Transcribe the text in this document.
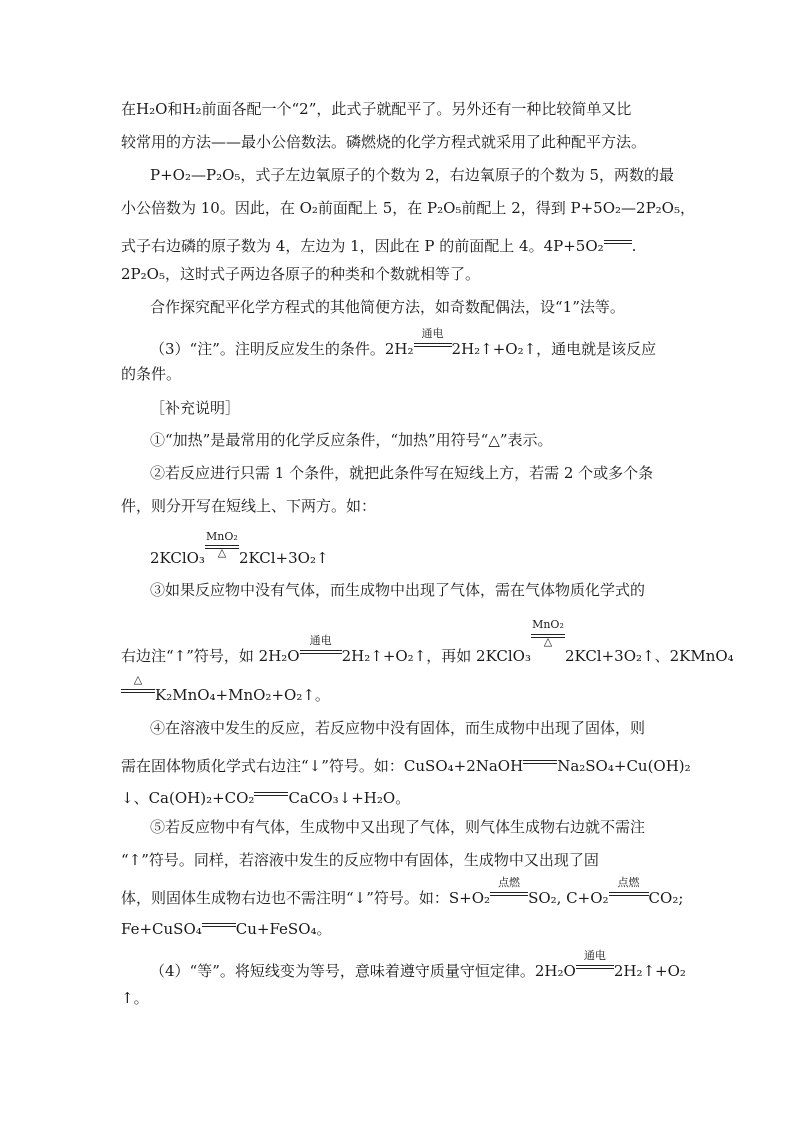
在H₂O和H₂前面各配一个“2”，此式子就配平了。另外还有一种比较简单又比
较常用的方法——最小公倍数法。磷燃烧的化学方程式就采用了此种配平方法。
P+O₂—P₂O₅，式子左边氧原子的个数为 2，右边氧原子的个数为 5，两数的最
小公倍数为 10。因此，在 O₂前面配上 5，在 P₂O₅前配上 2，得到 P+5O₂—2P₂O₅，
式子右边磷的原子数为 4，左边为 1，因此在 P 的前面配上 4。4P+5O₂ .
2P₂O₅，这时式子两边各原子的种类和个数就相等了。
合作探究配平化学方程式的其他简便方法，如奇数配偶法，设“1”法等。
（3）“注”。注明反应发生的条件。2H₂
通电
2H₂↑+O₂↑，通电就是该反应
的条件。
［补充说明］
①“加热”是最常用的化学反应条件，“加热”用符号“△”表示。
②若反应进行只需 1 个条件，就把此条件写在短线上方，若需 2 个或多个条
件，则分开写在短线上、下两方。如：
2KClO₃
MnO₂
△ 2KCl+3O₂↑
③如果反应物中没有气体，而生成物中出现了气体，需在气体物质化学式的
右边注“↑”符号，如 2H₂O
通电
2H₂↑+O₂↑，再如 2KClO₃
MnO₂
△
2KCl+3O₂↑、2KMnO₄
△
K₂MnO₄+MnO₂+O₂↑。
④在溶液中发生的反应，若反应物中没有固体，而生成物中出现了固体，则
需在固体物质化学式右边注“↓”符号。如：CuSO₄+2NaOH Na₂SO₄+Cu(OH)₂
↓、Ca(OH)₂+CO₂ CaCO₃↓+H₂O。
⑤若反应物中有气体，生成物中又出现了气体，则气体生成物右边就不需注
“↑”符号。同样，若溶液中发生的反应物中有固体，生成物中又出现了固
体，则固体生成物右边也不需注明“↓”符号。如：S+O₂
点燃
SO₂, C+O₂
点燃
CO₂;
Fe+CuSO₄ Cu+FeSO₄。
（4）“等”。将短线变为等号，意味着遵守质量守恒定律。2H₂O
通电
2H₂↑+O₂
↑。
